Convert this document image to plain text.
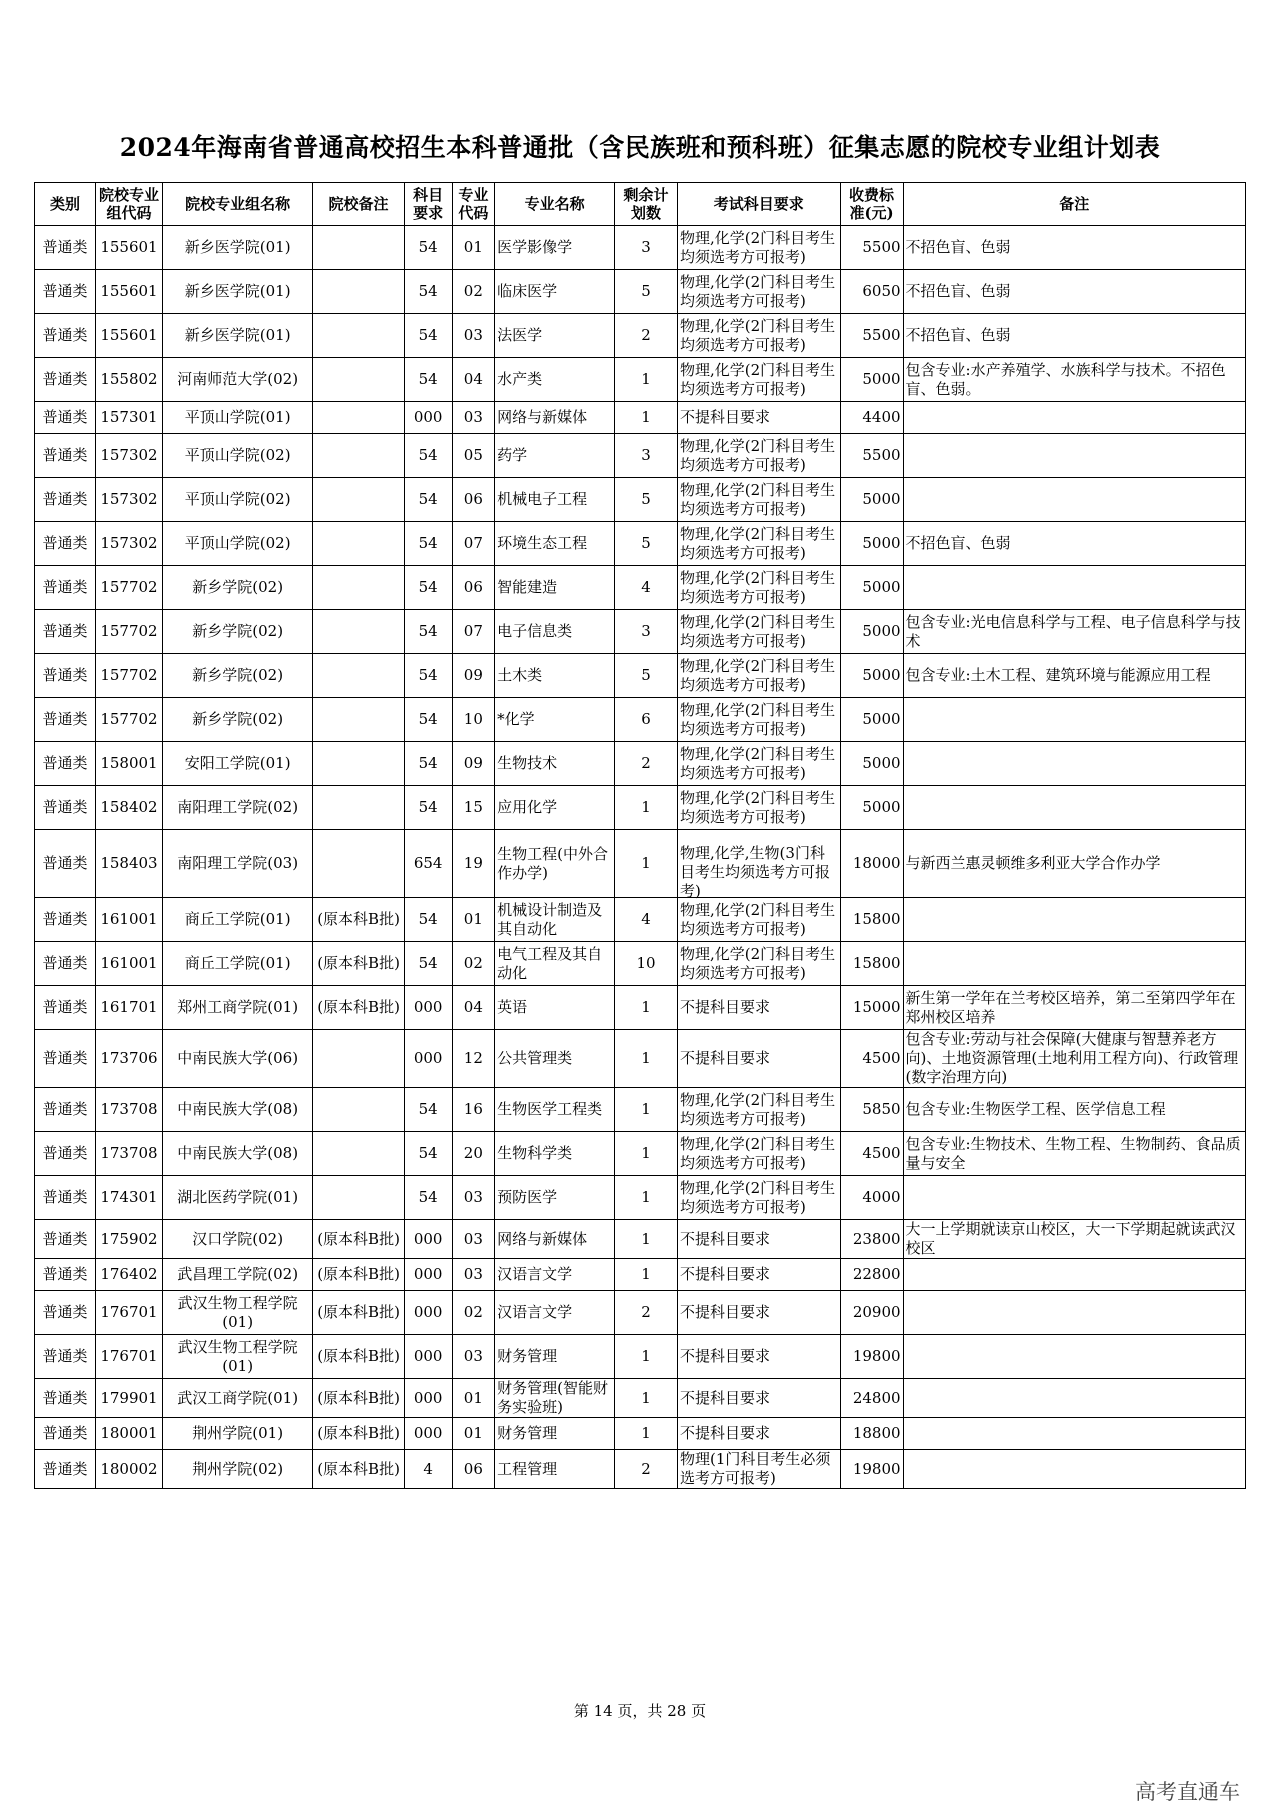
2024年海南省普通高校招生本科普通批（含民族班和预科班）征集志愿的院校专业组计划表
类别	院校专业组代码	院校专业组名称	院校备注	科目要求	专业代码	专业名称	剩余计划数	考试科目要求	收费标准(元)	备注
普通类	155601	新乡医学院(01)		54	01	医学影像学	3	物理,化学(2门科目考生均须选考方可报考)	5500	不招色盲、色弱
普通类	155601	新乡医学院(01)		54	02	临床医学	5	物理,化学(2门科目考生均须选考方可报考)	6050	不招色盲、色弱
普通类	155601	新乡医学院(01)		54	03	法医学	2	物理,化学(2门科目考生均须选考方可报考)	5500	不招色盲、色弱
普通类	155802	河南师范大学(02)		54	04	水产类	1	物理,化学(2门科目考生均须选考方可报考)	5000	包含专业:水产养殖学、水族科学与技术。不招色盲、色弱。
普通类	157301	平顶山学院(01)		000	03	网络与新媒体	1	不提科目要求	4400	
普通类	157302	平顶山学院(02)		54	05	药学	3	物理,化学(2门科目考生均须选考方可报考)	5500	
普通类	157302	平顶山学院(02)		54	06	机械电子工程	5	物理,化学(2门科目考生均须选考方可报考)	5000	
普通类	157302	平顶山学院(02)		54	07	环境生态工程	5	物理,化学(2门科目考生均须选考方可报考)	5000	不招色盲、色弱
普通类	157702	新乡学院(02)		54	06	智能建造	4	物理,化学(2门科目考生均须选考方可报考)	5000	
普通类	157702	新乡学院(02)		54	07	电子信息类	3	物理,化学(2门科目考生均须选考方可报考)	5000	包含专业:光电信息科学与工程、电子信息科学与技术
普通类	157702	新乡学院(02)		54	09	土木类	5	物理,化学(2门科目考生均须选考方可报考)	5000	包含专业:土木工程、建筑环境与能源应用工程
普通类	157702	新乡学院(02)		54	10	*化学	6	物理,化学(2门科目考生均须选考方可报考)	5000	
普通类	158001	安阳工学院(01)		54	09	生物技术	2	物理,化学(2门科目考生均须选考方可报考)	5000	
普通类	158402	南阳理工学院(02)		54	15	应用化学	1	物理,化学(2门科目考生均须选考方可报考)	5000	
普通类	158403	南阳理工学院(03)		654	19	生物工程(中外合作办学)	1	物理,化学,生物(3门科目考生均须选考方可报考)	18000	与新西兰惠灵顿维多利亚大学合作办学
普通类	161001	商丘工学院(01)	(原本科B批)	54	01	机械设计制造及其自动化	4	物理,化学(2门科目考生均须选考方可报考)	15800	
普通类	161001	商丘工学院(01)	(原本科B批)	54	02	电气工程及其自动化	10	物理,化学(2门科目考生均须选考方可报考)	15800	
普通类	161701	郑州工商学院(01)	(原本科B批)	000	04	英语	1	不提科目要求	15000	新生第一学年在兰考校区培养，第二至第四学年在郑州校区培养
普通类	173706	中南民族大学(06)		000	12	公共管理类	1	不提科目要求	4500	包含专业:劳动与社会保障(大健康与智慧养老方向)、土地资源管理(土地利用工程方向)、行政管理(数字治理方向)
普通类	173708	中南民族大学(08)		54	16	生物医学工程类	1	物理,化学(2门科目考生均须选考方可报考)	5850	包含专业:生物医学工程、医学信息工程
普通类	173708	中南民族大学(08)		54	20	生物科学类	1	物理,化学(2门科目考生均须选考方可报考)	4500	包含专业:生物技术、生物工程、生物制药、食品质量与安全
普通类	174301	湖北医药学院(01)		54	03	预防医学	1	物理,化学(2门科目考生均须选考方可报考)	4000	
普通类	175902	汉口学院(02)	(原本科B批)	000	03	网络与新媒体	1	不提科目要求	23800	大一上学期就读京山校区，大一下学期起就读武汉校区
普通类	176402	武昌理工学院(02)	(原本科B批)	000	03	汉语言文学	1	不提科目要求	22800	
普通类	176701	武汉生物工程学院(01)	(原本科B批)	000	02	汉语言文学	2	不提科目要求	20900	
普通类	176701	武汉生物工程学院(01)	(原本科B批)	000	03	财务管理	1	不提科目要求	19800	
普通类	179901	武汉工商学院(01)	(原本科B批)	000	01	财务管理(智能财务实验班)	1	不提科目要求	24800	
普通类	180001	荆州学院(01)	(原本科B批)	000	01	财务管理	1	不提科目要求	18800	
普通类	180002	荆州学院(02)	(原本科B批)	4	06	工程管理	2	物理(1门科目考生必须选考方可报考)	19800	
第 14 页，共 28 页
高考直通车
